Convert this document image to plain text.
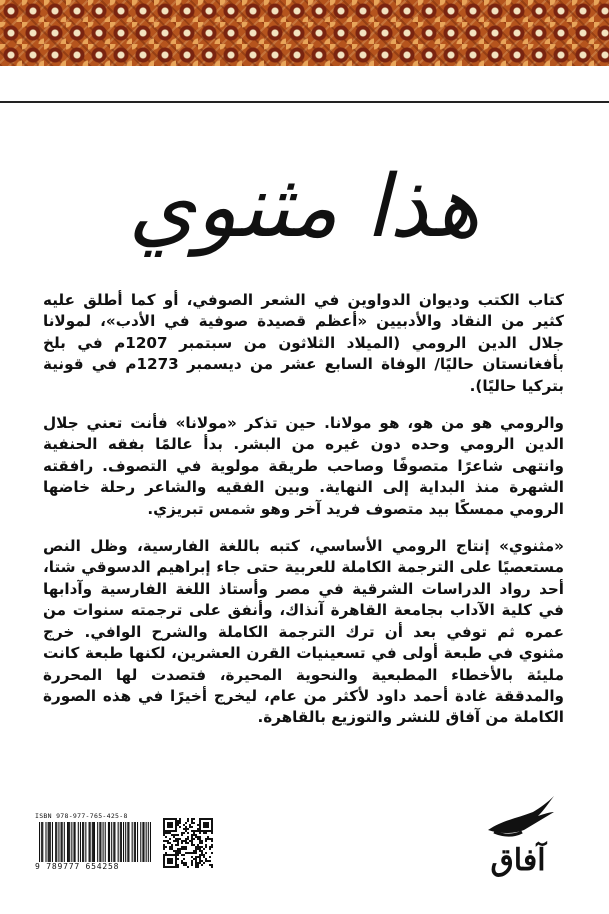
هذا مثنوي

كتاب الكتب وديوان الدواوين في الشعر الصوفي، أو كما أطلق عليه كثير من النقاد والأدبيين «أعظم قصيدة صوفية في الأدب»، لمولانا جلال الدين الرومي (الميلاد الثلاثون من سبتمبر 1207م في بلخ بأفغانستان حاليًا/ الوفاة السابع عشر من ديسمبر 1273م في قونية بتركيا حاليًا).

والرومي هو من هو، هو مولانا. حين تذكر «مولانا» فأنت تعني جلال الدين الرومي وحده دون غيره من البشر. بدأ عالمًا بفقه الحنفية وانتهى شاعرًا متصوفًا وصاحب طريقة مولوية في التصوف. رافقته الشهرة منذ البداية إلى النهاية. وبين الفقيه والشاعر رحلة خاضها الرومي ممسكًا بيد متصوف فريد آخر وهو شمس تبريزي.

«مثنوي» إنتاج الرومي الأساسي، كتبه باللغة الفارسية، وظل النص مستعصيًا على الترجمة الكاملة للعربية حتى جاء إبراهيم الدسوقي شتا، أحد رواد الدراسات الشرقية في مصر وأستاذ اللغة الفارسية وآدابها في كلية الآداب بجامعة القاهرة آنذاك، وأنفق على ترجمته سنوات من عمره ثم توفي بعد أن ترك الترجمة الكاملة والشرح الوافي. خرج مثنوي في طبعة أولى في تسعينيات القرن العشرين، لكنها طبعة كانت مليئة بالأخطاء المطبعية والنحوية المحيرة، فتصدت لها المحررة والمدققة غادة أحمد داود لأكثر من عام، ليخرج أخيرًا في هذه الصورة الكاملة من آفاق للنشر والتوزيع بالقاهرة.

ISBN 978-977-765-425-8
9 789777 654258	آفاق
